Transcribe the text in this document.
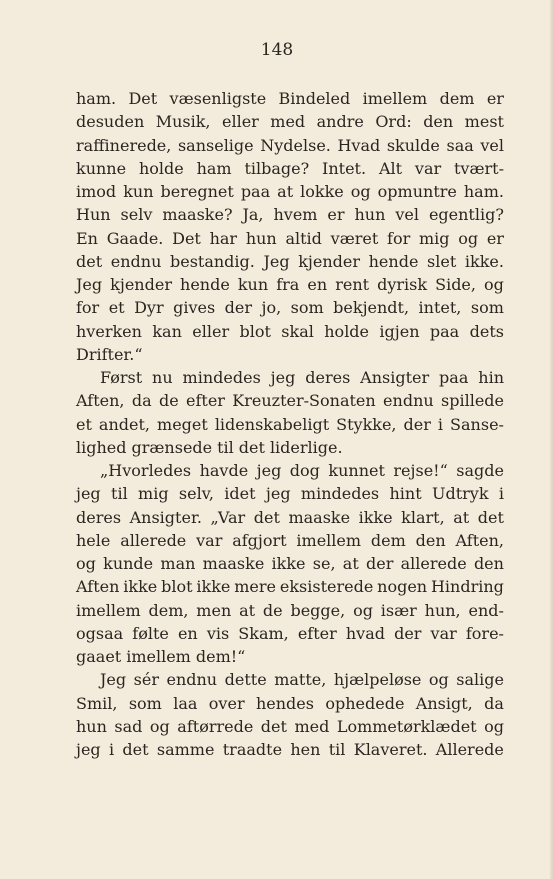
148
ham. Det væsenligste Bindeled imellem dem er
desuden Musik, eller med andre Ord: den mest
raffinerede, sanselige Nydelse. Hvad skulde saa vel
kunne holde ham tilbage? Intet. Alt var tvært-
imod kun beregnet paa at lokke og opmuntre ham.
Hun selv maaske? Ja, hvem er hun vel egentlig?
En Gaade. Det har hun altid været for mig og er
det endnu bestandig. Jeg kjender hende slet ikke.
Jeg kjender hende kun fra en rent dyrisk Side, og
for et Dyr gives der jo, som bekjendt, intet, som
hverken kan eller blot skal holde igjen paa dets
Drifter.“
Først nu mindedes jeg deres Ansigter paa hin
Aften, da de efter Kreuzter-Sonaten endnu spillede
et andet, meget lidenskabeligt Stykke, der i Sanse-
lighed grænsede til det liderlige.
„Hvorledes havde jeg dog kunnet rejse!“ sagde
jeg til mig selv, idet jeg mindedes hint Udtryk i
deres Ansigter. „Var det maaske ikke klart, at det
hele allerede var afgjort imellem dem den Aften,
og kunde man maaske ikke se, at der allerede den
Aften ikke blot ikke mere eksisterede nogen Hindring
imellem dem, men at de begge, og især hun, end-
ogsaa følte en vis Skam, efter hvad der var fore-
gaaet imellem dem!“
Jeg sér endnu dette matte, hjælpeløse og salige
Smil, som laa over hendes ophedede Ansigt, da
hun sad og aftørrede det med Lommetørklædet og
jeg i det samme traadte hen til Klaveret. Allerede
